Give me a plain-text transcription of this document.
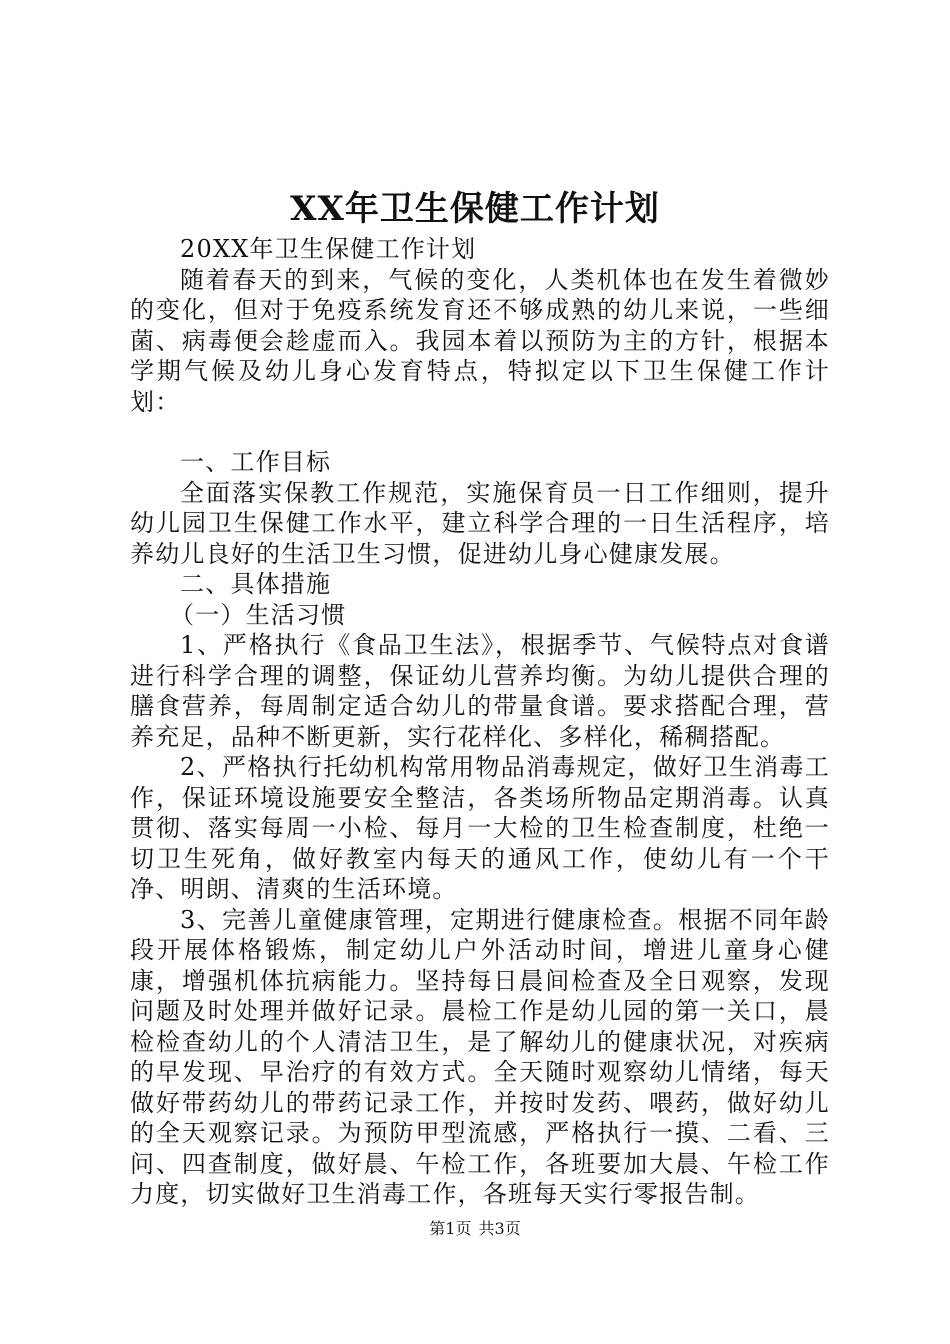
XX年卫生保健工作计划

20XX年卫生保健工作计划

随着春天的到来，气候的变化，人类机体也在发生着微妙的变化，但对于免疫系统发育还不够成熟的幼儿来说，一些细菌、病毒便会趁虚而入。我园本着以预防为主的方针，根据本学期气候及幼儿身心发育特点，特拟定以下卫生保健工作计划：

一、工作目标

全面落实保教工作规范，实施保育员一日工作细则，提升幼儿园卫生保健工作水平，建立科学合理的一日生活程序，培养幼儿良好的生活卫生习惯，促进幼儿身心健康发展。

二、具体措施

（一）生活习惯

1、严格执行《食品卫生法》，根据季节、气候特点对食谱进行科学合理的调整，保证幼儿营养均衡。为幼儿提供合理的膳食营养，每周制定适合幼儿的带量食谱。要求搭配合理，营养充足，品种不断更新，实行花样化、多样化，稀稠搭配。

2、严格执行托幼机构常用物品消毒规定，做好卫生消毒工作，保证环境设施要安全整洁，各类场所物品定期消毒。认真贯彻、落实每周一小检、每月一大检的卫生检查制度，杜绝一切卫生死角，做好教室内每天的通风工作，使幼儿有一个干净、明朗、清爽的生活环境。

3、完善儿童健康管理，定期进行健康检查。根据不同年龄段开展体格锻炼，制定幼儿户外活动时间，增进儿童身心健康，增强机体抗病能力。坚持每日晨间检查及全日观察，发现问题及时处理并做好记录。晨检工作是幼儿园的第一关口，晨检检查幼儿的个人清洁卫生，是了解幼儿的健康状况，对疾病的早发现、早治疗的有效方式。全天随时观察幼儿情绪，每天做好带药幼儿的带药记录工作，并按时发药、喂药，做好幼儿的全天观察记录。为预防甲型流感，严格执行一摸、二看、三问、四查制度，做好晨、午检工作，各班要加大晨、午检工作力度，切实做好卫生消毒工作，各班每天实行零报告制。

第1页 共3页
